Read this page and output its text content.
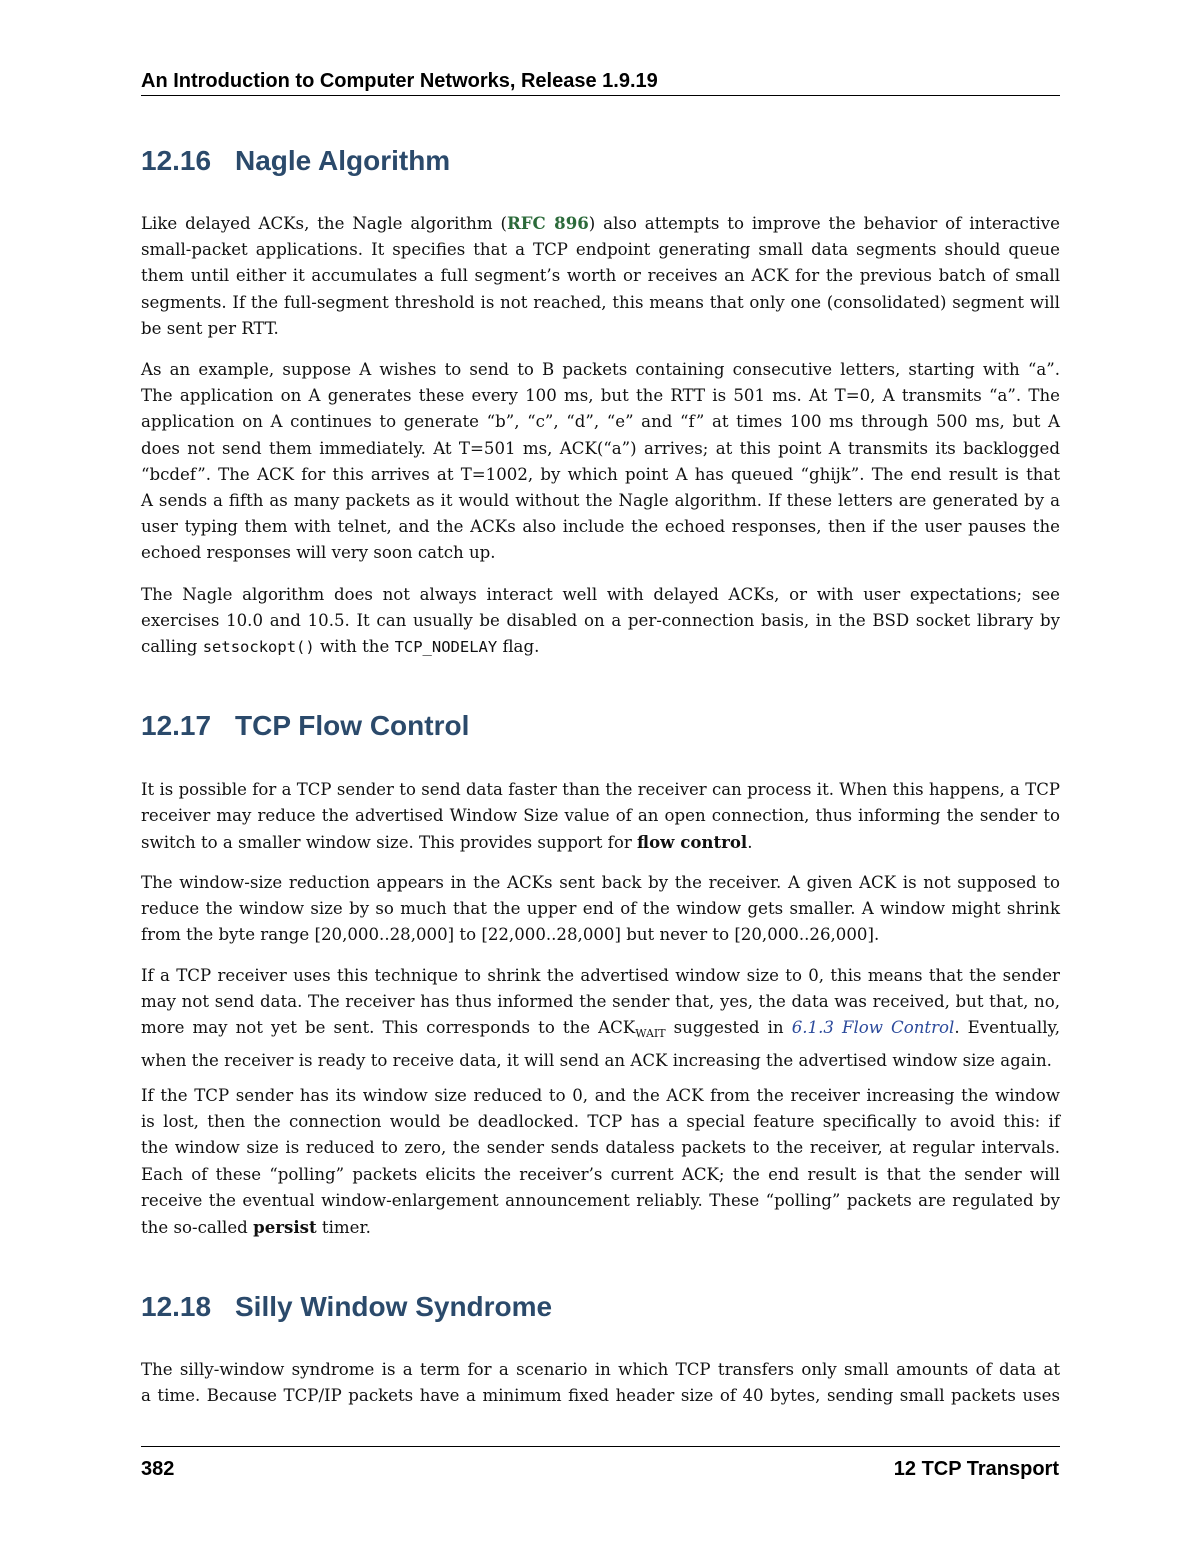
An Introduction to Computer Networks, Release 1.9.19
12.16 Nagle Algorithm
Like delayed ACKs, the Nagle algorithm (RFC 896) also attempts to improve the behavior of interactive
small-packet applications. It specifies that a TCP endpoint generating small data segments should queue
them until either it accumulates a full segment’s worth or receives an ACK for the previous batch of small
segments. If the full-segment threshold is not reached, this means that only one (consolidated) segment will
be sent per RTT.
As an example, suppose A wishes to send to B packets containing consecutive letters, starting with “a”.
The application on A generates these every 100 ms, but the RTT is 501 ms. At T=0, A transmits “a”. The
application on A continues to generate “b”, “c”, “d”, “e” and “f” at times 100 ms through 500 ms, but A
does not send them immediately. At T=501 ms, ACK(“a”) arrives; at this point A transmits its backlogged
“bcdef”. The ACK for this arrives at T=1002, by which point A has queued “ghijk”. The end result is that
A sends a fifth as many packets as it would without the Nagle algorithm. If these letters are generated by a
user typing them with telnet, and the ACKs also include the echoed responses, then if the user pauses the
echoed responses will very soon catch up.
The Nagle algorithm does not always interact well with delayed ACKs, or with user expectations; see
exercises 10.0 and 10.5. It can usually be disabled on a per-connection basis, in the BSD socket library by
calling setsockopt() with the TCP_NODELAY flag.
12.17 TCP Flow Control
It is possible for a TCP sender to send data faster than the receiver can process it. When this happens, a TCP
receiver may reduce the advertised Window Size value of an open connection, thus informing the sender to
switch to a smaller window size. This provides support for flow control.
The window-size reduction appears in the ACKs sent back by the receiver. A given ACK is not supposed to
reduce the window size by so much that the upper end of the window gets smaller. A window might shrink
from the byte range [20,000..28,000] to [22,000..28,000] but never to [20,000..26,000].
If a TCP receiver uses this technique to shrink the advertised window size to 0, this means that the sender
may not send data. The receiver has thus informed the sender that, yes, the data was received, but that, no,
more may not yet be sent. This corresponds to the $ACK_{WAIT}$ suggested in 6.1.3 Flow Control. Eventually,
when the receiver is ready to receive data, it will send an ACK increasing the advertised window size again.
If the TCP sender has its window size reduced to 0, and the ACK from the receiver increasing the window
is lost, then the connection would be deadlocked. TCP has a special feature specifically to avoid this: if
the window size is reduced to zero, the sender sends dataless packets to the receiver, at regular intervals.
Each of these “polling” packets elicits the receiver’s current ACK; the end result is that the sender will
receive the eventual window-enlargement announcement reliably. These “polling” packets are regulated by
the so-called persist timer.
12.18 Silly Window Syndrome
The silly-window syndrome is a term for a scenario in which TCP transfers only small amounts of data at
a time. Because TCP/IP packets have a minimum fixed header size of 40 bytes, sending small packets uses
382	12 TCP Transport
